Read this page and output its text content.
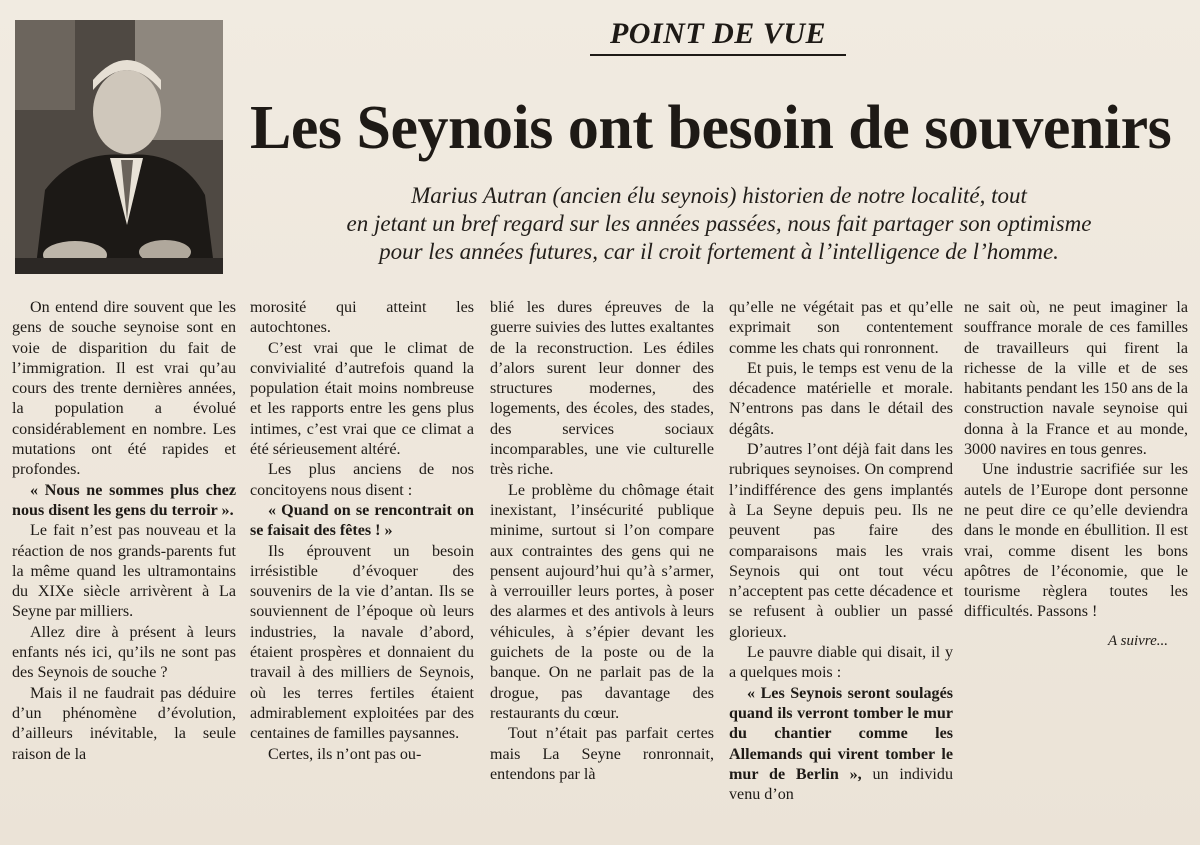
POINT DE VUE
Les Seynois ont besoin de souvenirs
Marius Autran (ancien élu seynois) historien de notre localité, tout
en jetant un bref regard sur les années passées, nous fait partager son optimisme
pour les années futures, car il croit fortement à l’intelligence de l’homme.

On entend dire souvent que les gens de souche seynoise sont en voie de disparition du fait de l’immigration. Il est vrai qu’au cours des trente dernières années, la population a évolué considérablement en nombre. Les mutations ont été rapides et profondes.

« Nous ne sommes plus chez nous disent les gens du terroir ».

Le fait n’est pas nouveau et la réaction de nos grands-parents fut la même quand les ultramontains du XIXe siècle arrivèrent à La Seyne par milliers.

Allez dire à présent à leurs enfants nés ici, qu’ils ne sont pas des Seynois de souche ?

Mais il ne faudrait pas déduire d’un phénomène d’évolution, d’ailleurs inévitable, la seule raison de la

morosité qui atteint les autochtones.

C’est vrai que le climat de convivialité d’autrefois quand la population était moins nombreuse et les rapports entre les gens plus intimes, c’est vrai que ce climat a été sérieusement altéré.

Les plus anciens de nos concitoyens nous disent :

« Quand on se rencontrait on se faisait des fêtes ! »

Ils éprouvent un besoin irrésistible d’évoquer des souvenirs de la vie d’antan. Ils se souviennent de l’époque où leurs industries, la navale d’abord, étaient prospères et donnaient du travail à des milliers de Seynois, où les terres fertiles étaient admirablement exploitées par des centaines de familles paysannes.

Certes, ils n’ont pas ou-

blié les dures épreuves de la guerre suivies des luttes exaltantes de la reconstruction. Les édiles d’alors surent leur donner des structures modernes, des logements, des écoles, des stades, des services sociaux incomparables, une vie culturelle très riche.

Le problème du chômage était inexistant, l’insécurité publique minime, surtout si l’on compare aux contraintes des gens qui ne pensent aujourd’hui qu’à s’armer, à verrouiller leurs portes, à poser des alarmes et des antivols à leurs véhicules, à s’épier devant les guichets de la poste ou de la banque. On ne parlait pas de la drogue, pas davantage des restaurants du cœur.

Tout n’était pas parfait certes mais La Seyne ronronnait, entendons par là

qu’elle ne végétait pas et qu’elle exprimait son contentement comme les chats qui ronronnent.

Et puis, le temps est venu de la décadence matérielle et morale. N’entrons pas dans le détail des dégâts.

D’autres l’ont déjà fait dans les rubriques seynoises. On comprend l’indifférence des gens implantés à La Seyne depuis peu. Ils ne peuvent pas faire des comparaisons mais les vrais Seynois qui ont tout vécu n’acceptent pas cette décadence et se refusent à oublier un passé glorieux.

Le pauvre diable qui disait, il y a quelques mois :

« Les Seynois seront soulagés quand ils verront tomber le mur du chantier comme les Allemands qui virent tomber le mur de Berlin », un individu venu d’on

ne sait où, ne peut imaginer la souffrance morale de ces familles de travailleurs qui firent la richesse de la ville et de ses habitants pendant les 150 ans de la construction navale seynoise qui donna à la France et au monde, 3000 navires en tous genres.

Une industrie sacrifiée sur les autels de l’Europe dont personne ne peut dire ce qu’elle deviendra dans le monde en ébullition. Il est vrai, comme disent les bons apôtres de l’économie, que le tourisme règlera toutes les difficultés. Passons !

A suivre...
